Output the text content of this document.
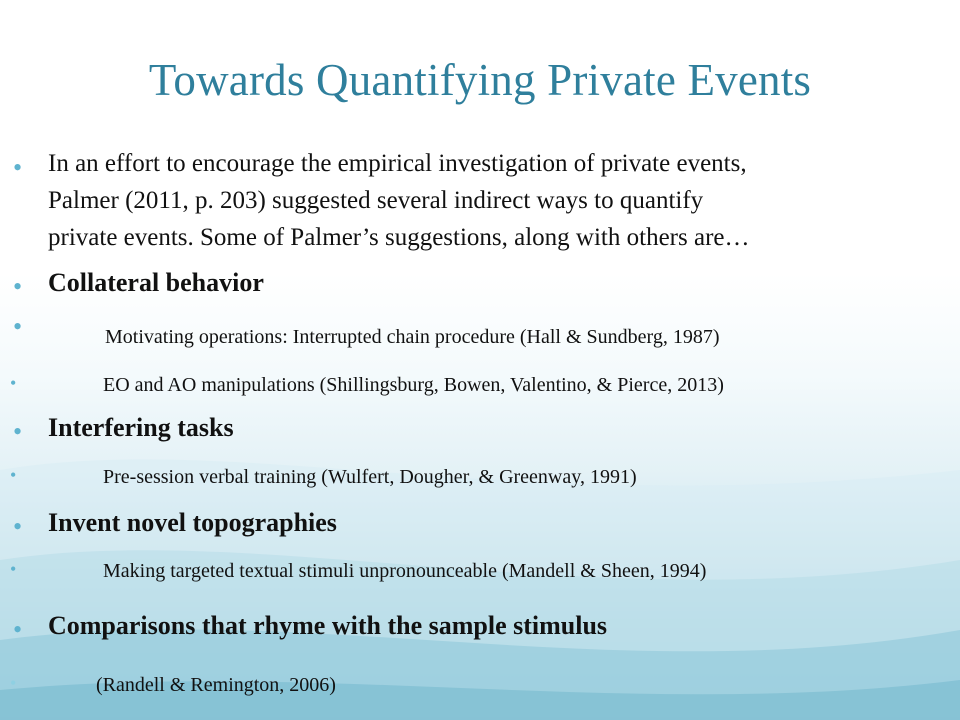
Towards Quantifying Private Events
• In an effort to encourage the empirical investigation of private events,
Palmer (2011, p. 203) suggested several indirect ways to quantify
private events. Some of Palmer’s suggestions, along with others are…
• Collateral behavior
•	Motivating operations: Interrupted chain procedure (Hall & Sundberg, 1987)
•	EO and AO manipulations (Shillingsburg, Bowen, Valentino, & Pierce, 2013)
• Interfering tasks
•	Pre-session verbal training (Wulfert, Dougher, & Greenway, 1991)
• Invent novel topographies
•	Making targeted textual stimuli unpronounceable (Mandell & Sheen, 1994)
• Comparisons that rhyme with the sample stimulus
•	(Randell & Remington, 2006)
